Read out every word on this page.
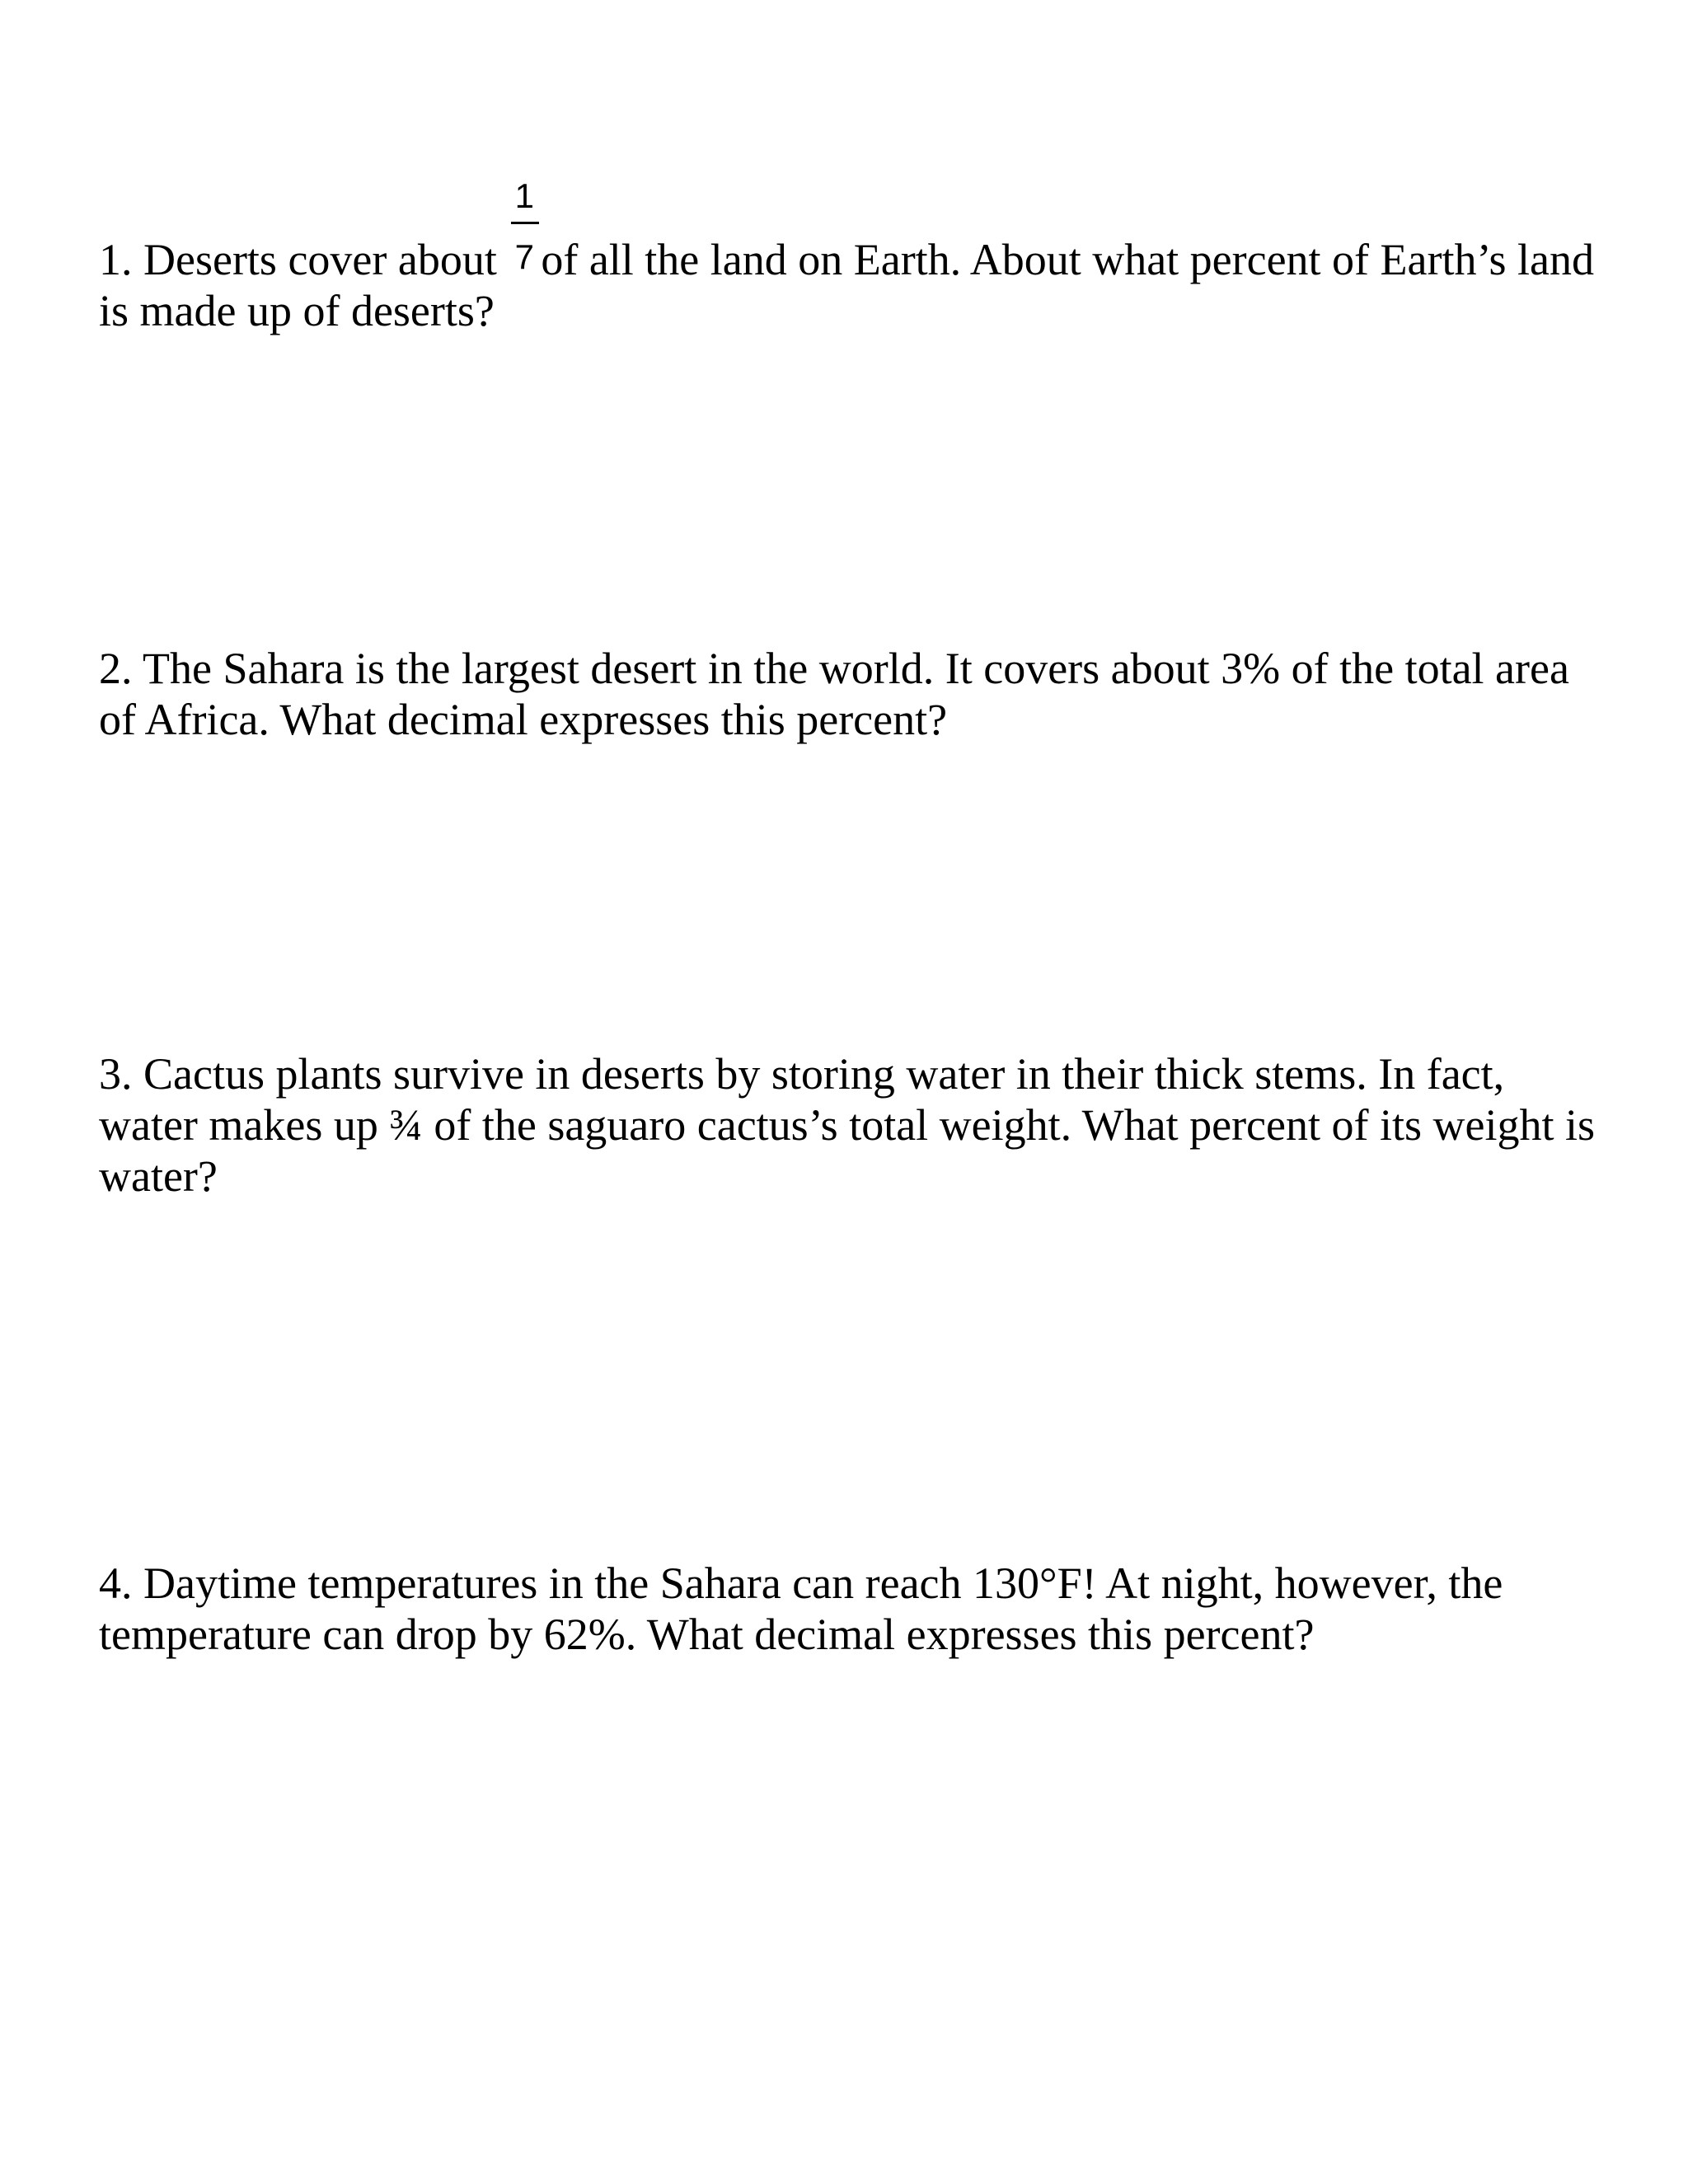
1. Deserts cover about $\frac{1}{7}$ of all the land on Earth. About what percent of Earth’s land is made up of deserts?

2. The Sahara is the largest desert in the world. It covers about 3% of the total area of Africa. What decimal expresses this percent?

3. Cactus plants survive in deserts by storing water in their thick stems. In fact, water makes up ¾ of the saguaro cactus’s total weight. What percent of its weight is water?

4. Daytime temperatures in the Sahara can reach 130°F! At night, however, the temperature can drop by 62%. What decimal expresses this percent?
